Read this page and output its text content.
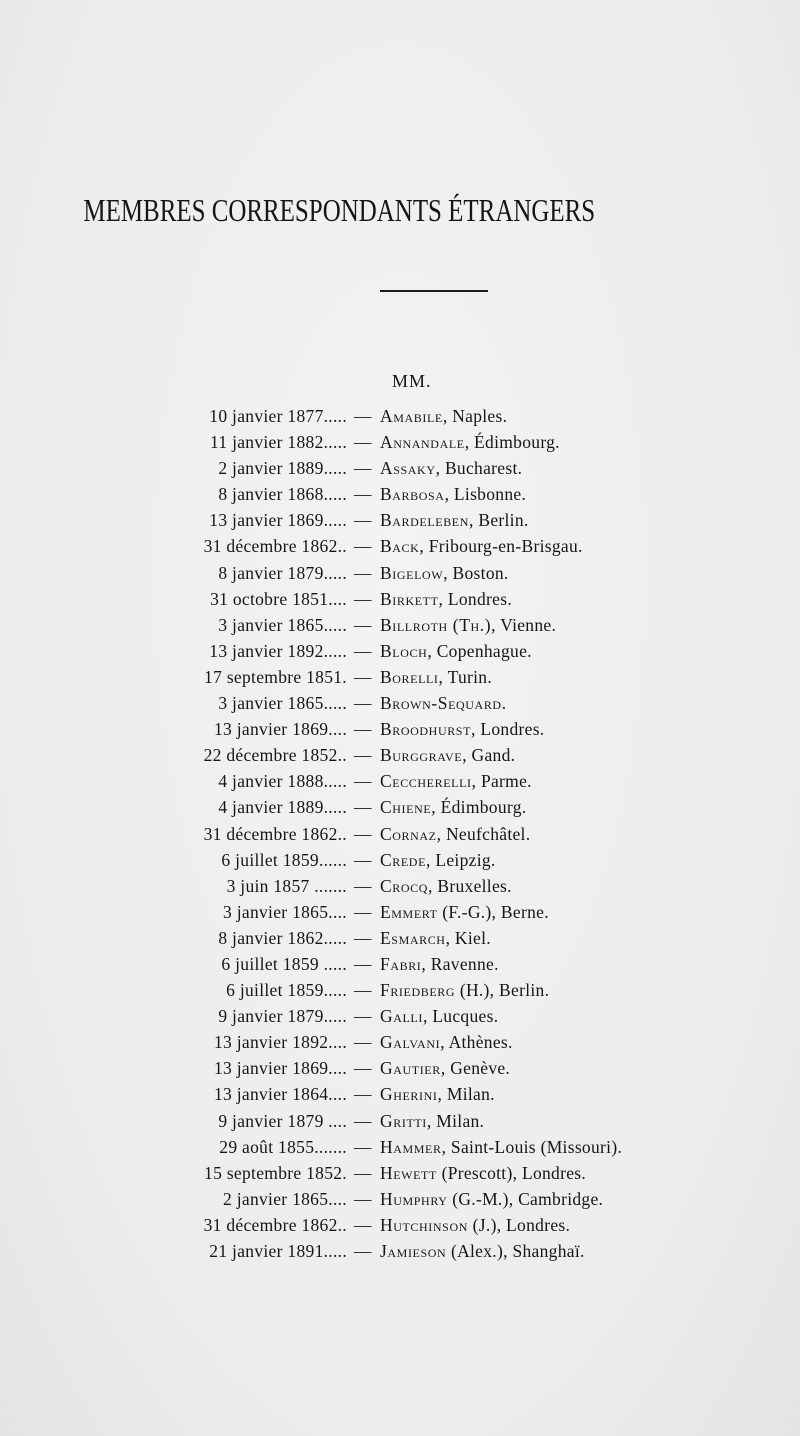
MEMBRES CORRESPONDANTS ÉTRANGERS
MM.
10 janvier 1877..... — Amabile, Naples.
11 janvier 1882..... — Annandale, Édimbourg.
2 janvier 1889..... — Assaky, Bucharest.
8 janvier 1868..... — Barbosa, Lisbonne.
13 janvier 1869..... — Bardeleben, Berlin.
31 décembre 1862.. — Back, Fribourg-en-Brisgau.
8 janvier 1879..... — Bigelow, Boston.
31 octobre 1851.... — Birkett, Londres.
3 janvier 1865..... — Billroth (Th.), Vienne.
13 janvier 1892..... — Bloch, Copenhague.
17 septembre 1851. — Borelli, Turin.
3 janvier 1865..... — Brown-Sequard.
13 janvier 1869.... — Broodhurst, Londres.
22 décembre 1852.. — Burggrave, Gand.
4 janvier 1888..... — Ceccherelli, Parme.
4 janvier 1889..... — Chiene, Édimbourg.
31 décembre 1862.. — Cornaz, Neufchâtel.
6 juillet 1859...... — Crede, Leipzig.
3 juin 1857 ....... — Crocq, Bruxelles.
3 janvier 1865.... — Emmert (F.-G.), Berne.
8 janvier 1862..... — Esmarch, Kiel.
6 juillet 1859 ..... — Fabri, Ravenne.
6 juillet 1859..... — Friedberg (H.), Berlin.
9 janvier 1879..... — Galli, Lucques.
13 janvier 1892.... — Galvani, Athènes.
13 janvier 1869.... — Gautier, Genève.
13 janvier 1864.... — Gherini, Milan.
9 janvier 1879 .... — Gritti, Milan.
29 août 1855....... — Hammer, Saint-Louis (Missouri).
15 septembre 1852. — Hewett (Prescott), Londres.
2 janvier 1865.... — Humphry (G.-M.), Cambridge.
31 décembre 1862.. — Hutchinson (J.), Londres.
21 janvier 1891..... — Jamieson (Alex.), Shanghaï.
